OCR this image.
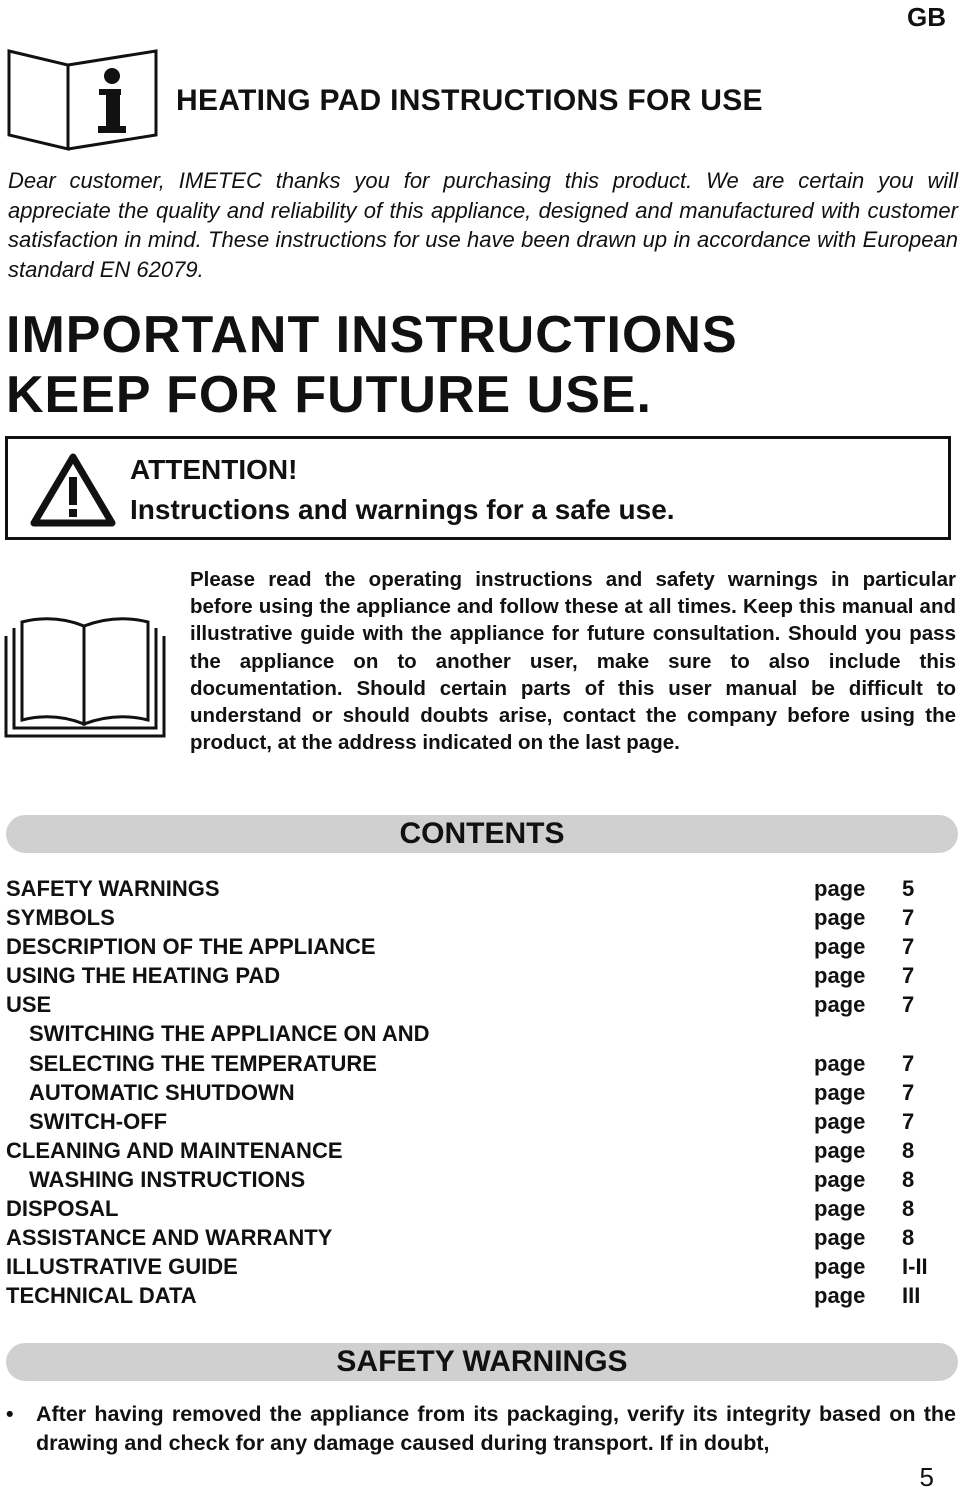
GB
HEATING PAD INSTRUCTIONS FOR USE

Dear customer, IMETEC thanks you for purchasing this product. We are certain you will appreciate the quality and reliability of this appliance, designed and manufactured with customer satisfaction in mind. These instructions for use have been drawn up in accordance with European standard EN 62079.

IMPORTANT INSTRUCTIONS
KEEP FOR FUTURE USE.
ATTENTION!
Instructions and warnings for a safe use.

Please read the operating instructions and safety warnings in particular before using the appliance and follow these at all times. Keep this manual and illustrative guide with the appliance for future consultation. Should you pass the appliance on to another user, make sure to also include this documentation. Should certain parts of this user manual be difficult to understand or should doubts arise, contact the company before using the product, at the address indicated on the last page.

CONTENTS
SAFETY WARNINGS	page	5
SYMBOLS	page	7
DESCRIPTION OF THE APPLIANCE	page	7
USING THE HEATING PAD	page	7
USE	page	7
SWITCHING THE APPLIANCE ON AND
SELECTING THE TEMPERATURE	page	7
AUTOMATIC SHUTDOWN	page	7
SWITCH-OFF	page	7
CLEANING AND MAINTENANCE	page	8
WASHING INSTRUCTIONS	page	8
DISPOSAL	page	8
ASSISTANCE AND WARRANTY	page	8
ILLUSTRATIVE GUIDE	page	I-II
TECHNICAL DATA	page	III
SAFETY WARNINGS
• After having removed the appliance from its packaging, verify its integrity based on the drawing and check for any damage caused during transport. If in doubt,
5
